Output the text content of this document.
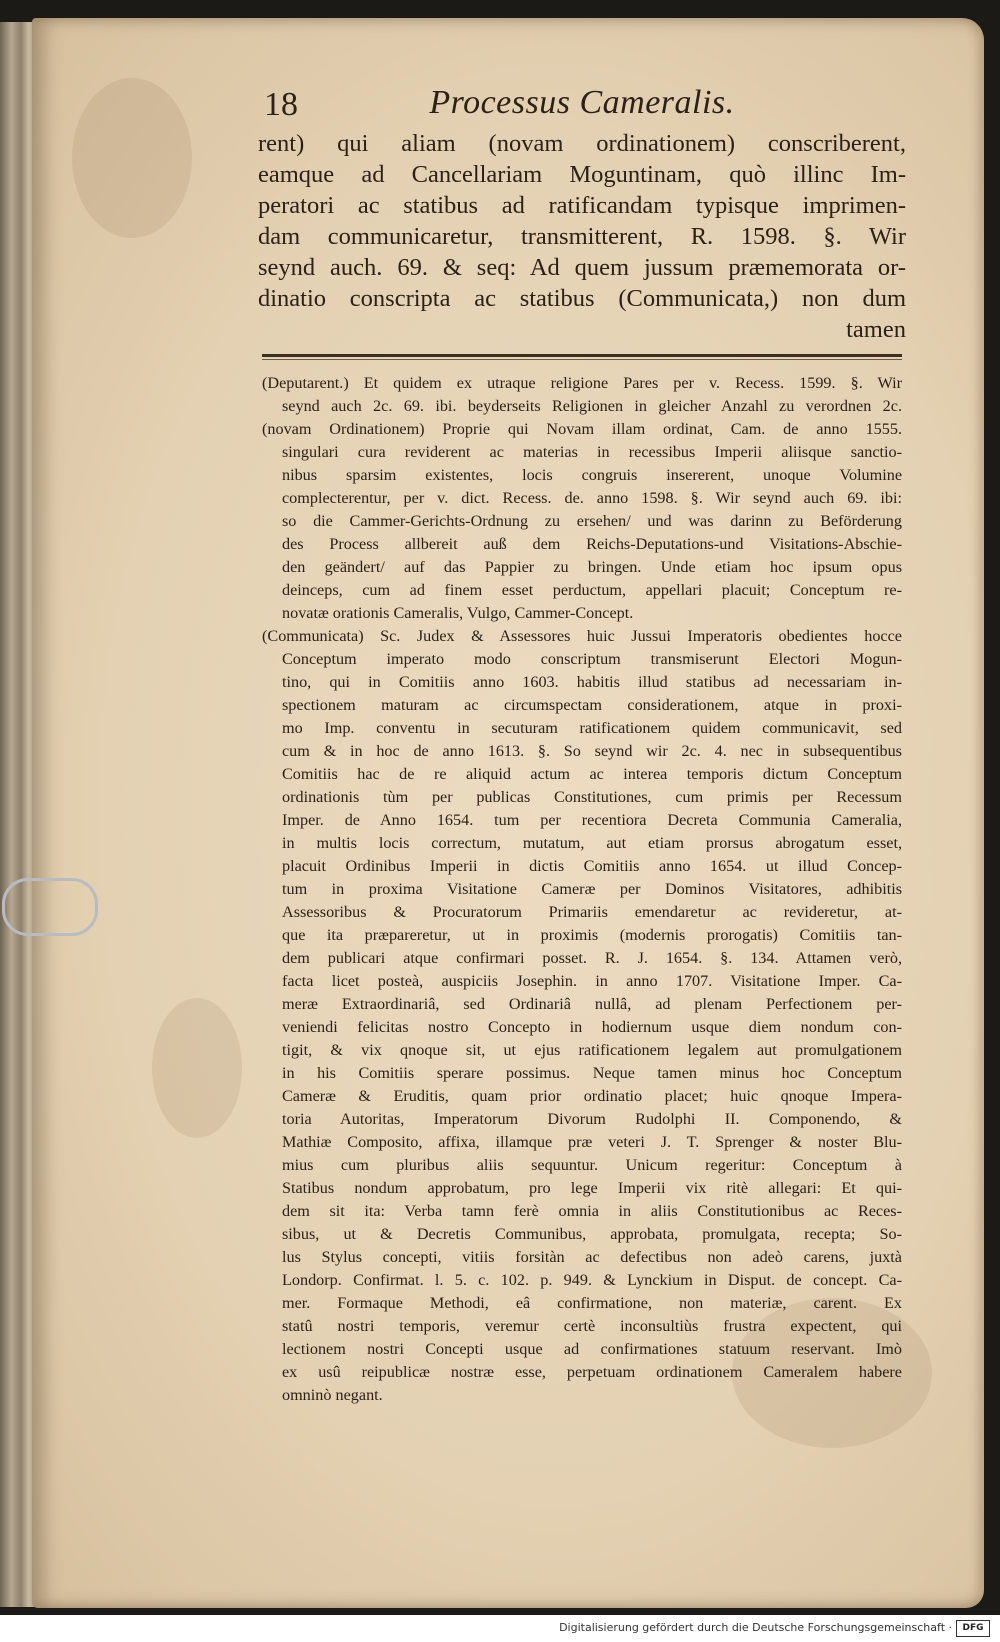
18	Processus Cameralis.
rent) qui aliam (novam ordinationem) conscriberent,
eamque ad Cancellariam Moguntinam, quò illinc Im-
peratori ac statibus ad ratificandam typisque imprimen-
dam communicaretur, transmitterent, R. 1598. §. Wir
seynd auch. 69. & seq: Ad quem jussum præmemorata or-
dinatio conscripta ac statibus (Communicata,) non dum
tamen
(Deputarent.) Et quidem ex utraque religione Pares per v. Recess. 1599. §. Wir
seynd auch 2c. 69. ibi. beyderseits Religionen in gleicher Anzahl zu verordnen 2c.
(novam Ordinationem) Proprie qui Novam illam ordinat, Cam. de anno 1555.
singulari cura reviderent ac materias in recessibus Imperii aliisque sanctio-
nibus sparsim existentes, locis congruis insererent, unoque Volumine
complecterentur, per v. dict. Recess. de. anno 1598. §. Wir seynd auch 69. ibi:
so die Cammer-Gerichts-Ordnung zu ersehen/ und was darinn zu Beförderung
des Process allbereit auß dem Reichs-Deputations-und Visitations-Abschie-
den geändert/ auf das Pappier zu bringen. Unde etiam hoc ipsum opus
deinceps, cum ad finem esset perductum, appellari placuit; Conceptum re-
novatæ orationis Cameralis, Vulgo, Cammer-Concept.
(Communicata) Sc. Judex & Assessores huic Jussui Imperatoris obedientes hocce
Conceptum imperato modo conscriptum transmiserunt Electori Mogun-
tino, qui in Comitiis anno 1603. habitis illud statibus ad necessariam in-
spectionem maturam ac circumspectam considerationem, atque in proxi-
mo Imp. conventu in secuturam ratificationem quidem communicavit, sed
cum & in hoc de anno 1613. §. So seynd wir 2c. 4. nec in subsequentibus
Comitiis hac de re aliquid actum ac interea temporis dictum Conceptum
ordinationis tùm per publicas Constitutiones, cum primis per Recessum
Imper. de Anno 1654. tum per recentiora Decreta Communia Cameralia,
in multis locis correctum, mutatum, aut etiam prorsus abrogatum esset,
placuit Ordinibus Imperii in dictis Comitiis anno 1654. ut illud Concep-
tum in proxima Visitatione Cameræ per Dominos Visitatores, adhibitis
Assessoribus & Procuratorum Primariis emendaretur ac revideretur, at-
que ita præpareretur, ut in proximis (modernis prorogatis) Comitiis tan-
dem publicari atque confirmari posset. R. J. 1654. §. 134. Attamen verò,
facta licet posteà, auspiciis Josephin. in anno 1707. Visitatione Imper. Ca-
meræ Extraordinariâ, sed Ordinariâ nullâ, ad plenam Perfectionem per-
veniendi felicitas nostro Concepto in hodiernum usque diem nondum con-
tigit, & vix qnoque sit, ut ejus ratificationem legalem aut promulgationem
in his Comitiis sperare possimus. Neque tamen minus hoc Conceptum
Cameræ & Eruditis, quam prior ordinatio placet; huic qnoque Impera-
toria Autoritas, Imperatorum Divorum Rudolphi II. Componendo, &
Mathiæ Composito, affixa, illamque præ veteri J. T. Sprenger & noster Blu-
mius cum pluribus aliis sequuntur. Unicum regeritur: Conceptum à
Statibus nondum approbatum, pro lege Imperii vix ritè allegari: Et qui-
dem sit ita: Verba tamn ferè omnia in aliis Constitutionibus ac Reces-
sibus, ut & Decretis Communibus, approbata, promulgata, recepta; So-
lus Stylus concepti, vitiis forsitàn ac defectibus non adeò carens, juxtà
Londorp. Confirmat. l. 5. c. 102. p. 949. & Lynckium in Disput. de concept. Ca-
mer. Formaque Methodi, eâ confirmatione, non materiæ, carent. Ex
statû nostri temporis, veremur certè inconsultiùs frustra expectent, qui
lectionem nostri Concepti usque ad confirmationes statuum reservant. Imò
ex usû reipublicæ nostræ esse, perpetuam ordinationem Cameralem habere
omninò negant.
Digitalisierung gefördert durch die Deutsche Forschungsgemeinschaft ·	DFG
